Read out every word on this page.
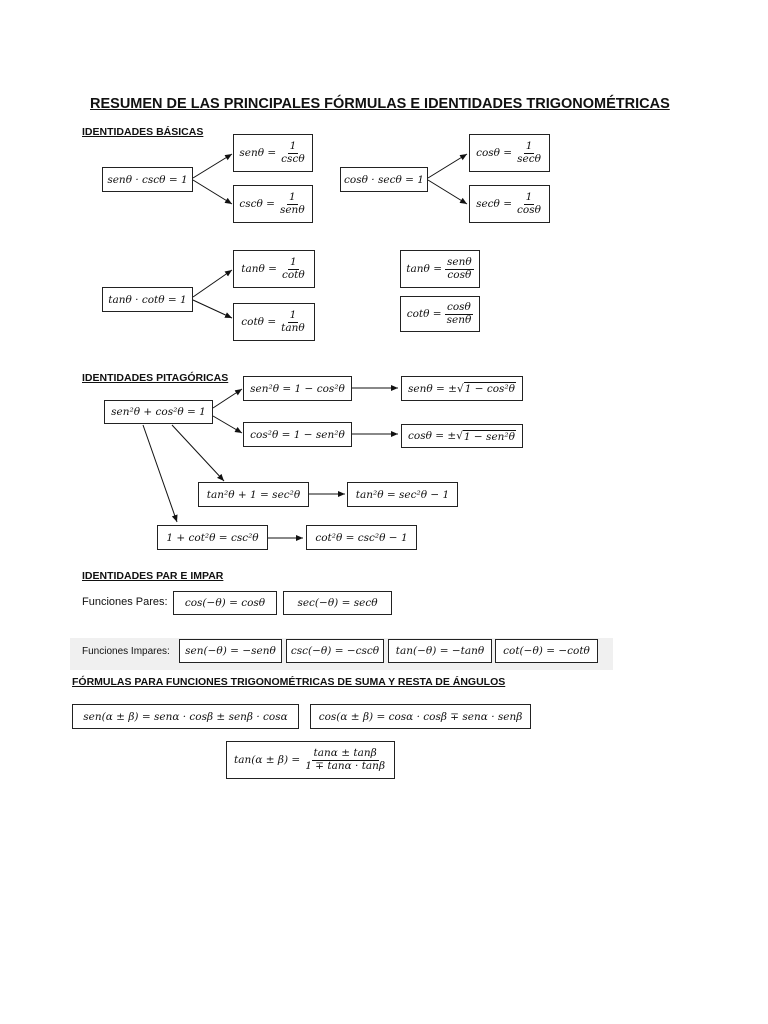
RESUMEN DE LAS PRINCIPALES FÓRMULAS E IDENTIDADES TRIGONOMÉTRICAS
IDENTIDADES BÁSICAS
senθ · cscθ = 1
$sen\theta = \frac{1}{\csc\theta}$
$\csc\theta = \frac{1}{\text{senθ}}$
cosθ · secθ = 1
$\cos\theta = \frac{1}{\sec\theta}$
$\sec\theta = \frac{1}{\cos\theta}$
tanθ · cotθ = 1
$\tan\theta = \frac{1}{\cot\theta}$
$\cot\theta = \frac{1}{\tan\theta}$
$\tan\theta = \frac{\text{senθ}}{\cos\theta}$
$\cot\theta = \frac{\cos\theta}{\text{senθ}}$
IDENTIDADES PITAGÓRICAS
sen²θ + cos²θ = 1
sen²θ = 1 − cos²θ	senθ = ± √ 1 − cos²θ
cos²θ = 1 − sen²θ	cosθ = ± √ 1 − sen²θ
tan²θ + 1 = sec²θ	tan²θ = sec²θ − 1
1 + cot²θ = csc²θ	cot²θ = csc²θ − 1
IDENTIDADES PAR E IMPAR
Funciones Pares: cos(−θ) = cosθ	sec(−θ) = secθ
Funciones Impares: sen(−θ) = −senθ csc(−θ) = −cscθ tan(−θ) = −tanθ cot(−θ) = −cotθ
FÓRMULAS PARA FUNCIONES TRIGONOMÉTRICAS DE SUMA Y RESTA DE ÁNGULOS
sen(α ± β) = senα · cosβ ± senβ · cosα	cos(α ± β) = cosα · cosβ ∓ senα · senβ
$\tan(\alpha \pm \beta) = \frac{\tan\alpha \pm \tan\beta}{1 \mp \tan\alpha \cdot \tan\beta}$
